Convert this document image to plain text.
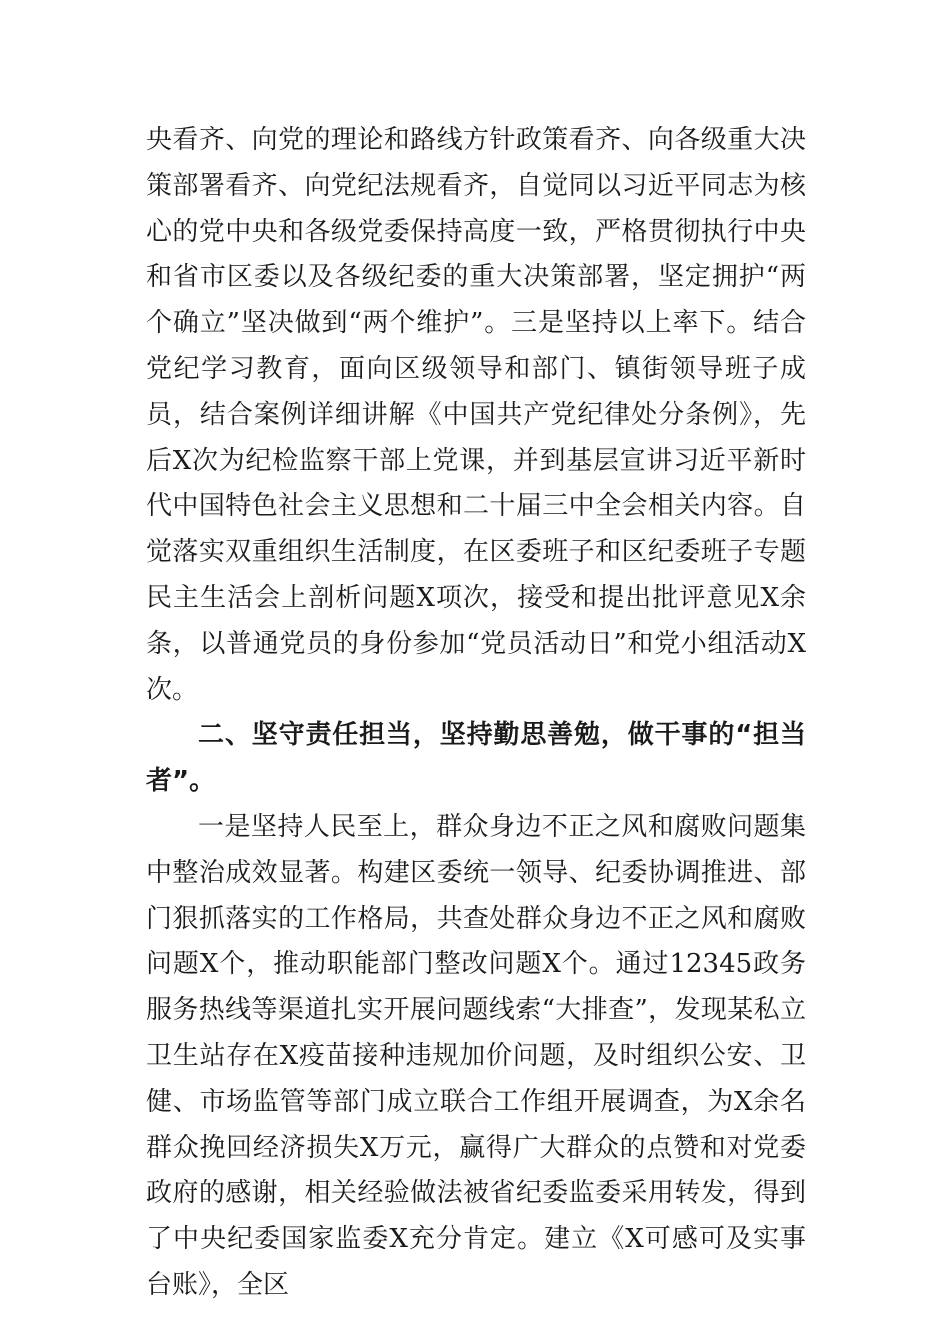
央看齐、向党的理论和路线方针政策看齐、向各级重大决策部署看齐、向党纪法规看齐，自觉同以习近平同志为核心的党中央和各级党委保持高度一致，严格贯彻执行中央和省市区委以及各级纪委的重大决策部署，坚定拥护“两个确立”坚决做到“两个维护”。三是坚持以上率下。结合党纪学习教育，面向区级领导和部门、镇街领导班子成员，结合案例详细讲解《中国共产党纪律处分条例》，先后X次为纪检监察干部上党课，并到基层宣讲习近平新时代中国特色社会主义思想和二十届三中全会相关内容。自觉落实双重组织生活制度，在区委班子和区纪委班子专题民主生活会上剖析问题X项次，接受和提出批评意见X余条，以普通党员的身份参加“党员活动日”和党小组活动X次。

二、坚守责任担当，坚持勤思善勉，做干事的“担当者”。

一是坚持人民至上，群众身边不正之风和腐败问题集中整治成效显著。构建区委统一领导、纪委协调推进、部门狠抓落实的工作格局，共查处群众身边不正之风和腐败问题X个，推动职能部门整改问题X个。通过12345政务服务热线等渠道扎实开展问题线索“大排查”，发现某私立卫生站存在X疫苗接种违规加价问题，及时组织公安、卫健、市场监管等部门成立联合工作组开展调查，为X余名群众挽回经济损失X万元，赢得广大群众的点赞和对党委政府的感谢，相关经验做法被省纪委监委采用转发，得到了中央纪委国家监委X充分肯定。建立《X可感可及实事台账》，全区
